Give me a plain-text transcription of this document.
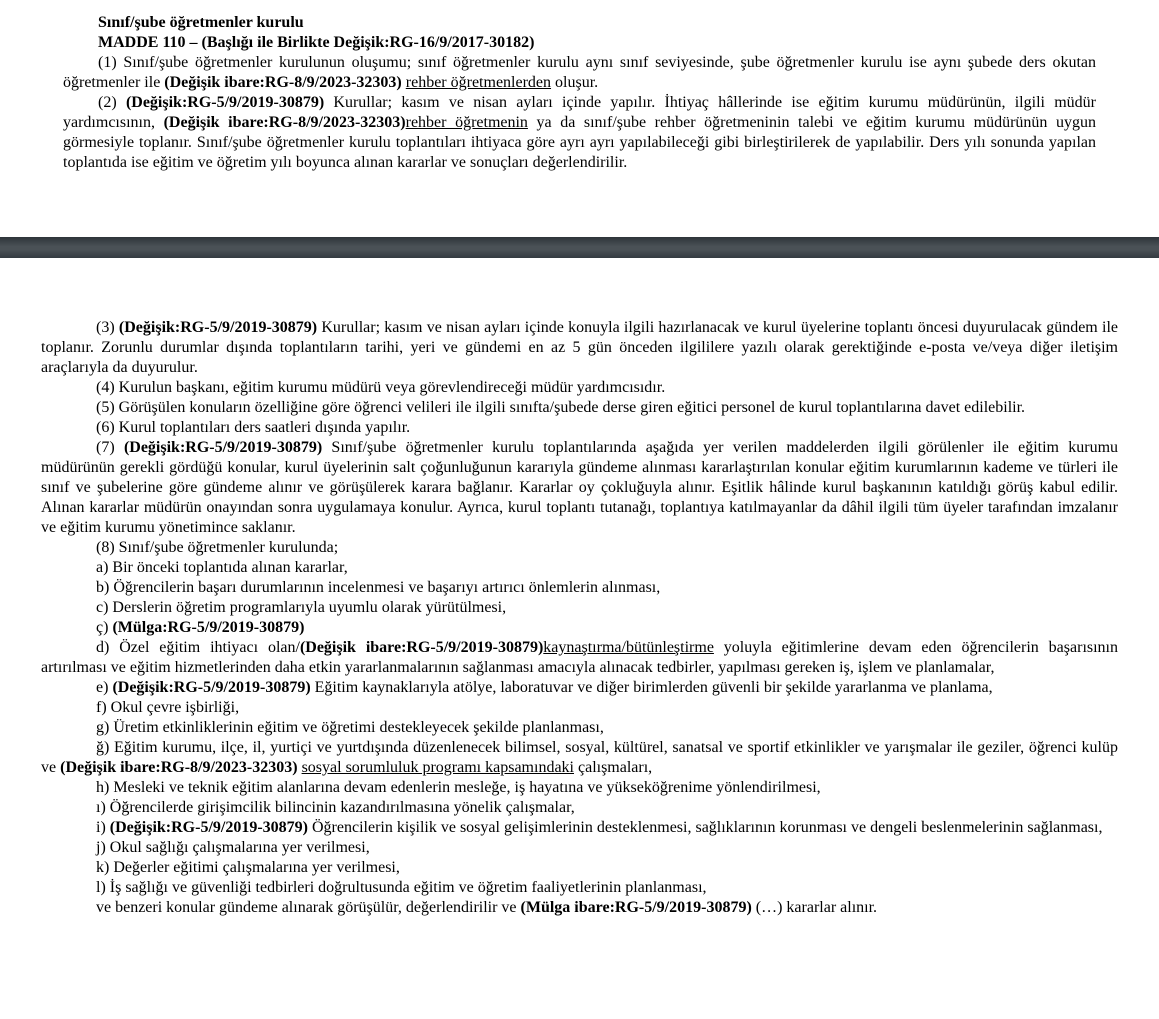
Sınıf/şube öğretmenler kurulu

MADDE 110 – (Başlığı ile Birlikte Değişik:RG-16/9/2017-30182)

(1) Sınıf/şube öğretmenler kurulunun oluşumu; sınıf öğretmenler kurulu aynı sınıf seviyesinde, şube öğretmenler kurulu ise aynı şubede ders okutan öğretmenler ile (Değişik ibare:RG-8/9/2023-32303) rehber öğretmenlerden oluşur.

(2) (Değişik:RG-5/9/2019-30879) Kurullar; kasım ve nisan ayları içinde yapılır. İhtiyaç hâllerinde ise eğitim kurumu müdürünün, ilgili müdür yardımcısının, (Değişik ibare:RG-8/9/2023-32303)rehber öğretmenin ya da sınıf/şube rehber öğretmeninin talebi ve eğitim kurumu müdürünün uygun görmesiyle toplanır. Sınıf/şube öğretmenler kurulu toplantıları ihtiyaca göre ayrı ayrı yapılabileceği gibi birleştirilerek de yapılabilir. Ders yılı sonunda yapılan toplantıda ise eğitim ve öğretim yılı boyunca alınan kararlar ve sonuçları değerlendirilir.

(3) (Değişik:RG-5/9/2019-30879) Kurullar; kasım ve nisan ayları içinde konuyla ilgili hazırlanacak ve kurul üyelerine toplantı öncesi duyurulacak gündem ile toplanır. Zorunlu durumlar dışında toplantıların tarihi, yeri ve gündemi en az 5 gün önceden ilgililere yazılı olarak gerektiğinde e-posta ve/veya diğer iletişim araçlarıyla da duyurulur.

(4) Kurulun başkanı, eğitim kurumu müdürü veya görevlendireceği müdür yardımcısıdır.

(5) Görüşülen konuların özelliğine göre öğrenci velileri ile ilgili sınıfta/şubede derse giren eğitici personel de kurul toplantılarına davet edilebilir.

(6) Kurul toplantıları ders saatleri dışında yapılır.

(7) (Değişik:RG-5/9/2019-30879) Sınıf/şube öğretmenler kurulu toplantılarında aşağıda yer verilen maddelerden ilgili görülenler ile eğitim kurumu müdürünün gerekli gördüğü konular, kurul üyelerinin salt çoğunluğunun kararıyla gündeme alınması kararlaştırılan konular eğitim kurumlarının kademe ve türleri ile sınıf ve şubelerine göre gündeme alınır ve görüşülerek karara bağlanır. Kararlar oy çokluğuyla alınır. Eşitlik hâlinde kurul başkanının katıldığı görüş kabul edilir. Alınan kararlar müdürün onayından sonra uygulamaya konulur. Ayrıca, kurul toplantı tutanağı, toplantıya katılmayanlar da dâhil ilgili tüm üyeler tarafından imzalanır ve eğitim kurumu yönetimince saklanır.

(8) Sınıf/şube öğretmenler kurulunda;

a) Bir önceki toplantıda alınan kararlar,

b) Öğrencilerin başarı durumlarının incelenmesi ve başarıyı artırıcı önlemlerin alınması,

c) Derslerin öğretim programlarıyla uyumlu olarak yürütülmesi,

ç) (Mülga:RG-5/9/2019-30879)

d) Özel eğitim ihtiyacı olan/(Değişik ibare:RG-5/9/2019-30879)kaynaştırma/bütünleştirme yoluyla eğitimlerine devam eden öğrencilerin başarısının artırılması ve eğitim hizmetlerinden daha etkin yararlanmalarının sağlanması amacıyla alınacak tedbirler, yapılması gereken iş, işlem ve planlamalar,

e) (Değişik:RG-5/9/2019-30879) Eğitim kaynaklarıyla atölye, laboratuvar ve diğer birimlerden güvenli bir şekilde yararlanma ve planlama,

f) Okul çevre işbirliği,

g) Üretim etkinliklerinin eğitim ve öğretimi destekleyecek şekilde planlanması,

ğ) Eğitim kurumu, ilçe, il, yurtiçi ve yurtdışında düzenlenecek bilimsel, sosyal, kültürel, sanatsal ve sportif etkinlikler ve yarışmalar ile geziler, öğrenci kulüp ve (Değişik ibare:RG-8/9/2023-32303) sosyal sorumluluk programı kapsamındaki çalışmaları,

h) Mesleki ve teknik eğitim alanlarına devam edenlerin mesleğe, iş hayatına ve yükseköğrenime yönlendirilmesi,

ı) Öğrencilerde girişimcilik bilincinin kazandırılmasına yönelik çalışmalar,

i) (Değişik:RG-5/9/2019-30879) Öğrencilerin kişilik ve sosyal gelişimlerinin desteklenmesi, sağlıklarının korunması ve dengeli beslenmelerinin sağlanması,

j) Okul sağlığı çalışmalarına yer verilmesi,

k) Değerler eğitimi çalışmalarına yer verilmesi,

l) İş sağlığı ve güvenliği tedbirleri doğrultusunda eğitim ve öğretim faaliyetlerinin planlanması,

ve benzeri konular gündeme alınarak görüşülür, değerlendirilir ve (Mülga ibare:RG-5/9/2019-30879) (…) kararlar alınır.
